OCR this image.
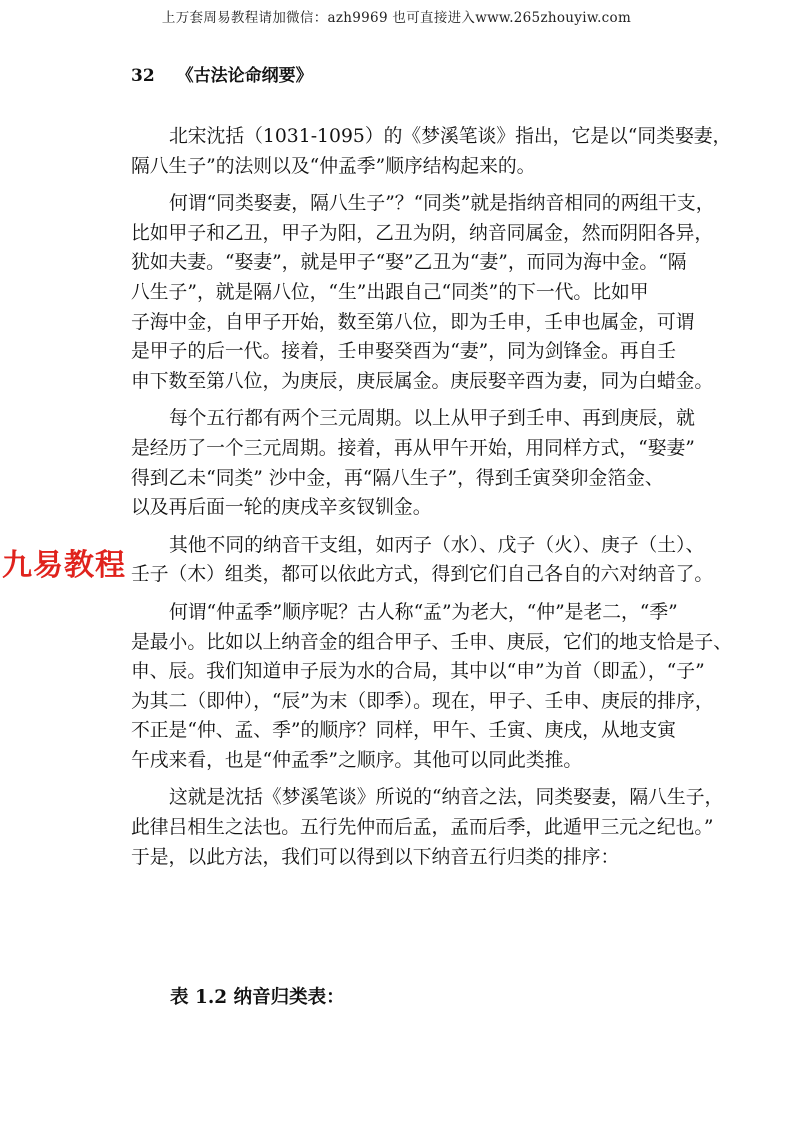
上万套周易教程请加微信：azh9969 也可直接进入www.265zhouyiw.com
32 《古法论命纲要》

北宋沈括（1031-1095）的《梦溪笔谈》指出，它是以“同类娶妻，
隔八生子”的法则以及“仲孟季”顺序结构起来的。

何谓“同类娶妻，隔八生子”？“同类”就是指纳音相同的两组干支，
比如甲子和乙丑，甲子为阳，乙丑为阴，纳音同属金，然而阴阳各异，
犹如夫妻。“娶妻”，就是甲子“娶”乙丑为“妻”，而同为海中金。“隔
八生子”，就是隔八位，“生”出跟自己“同类”的下一代。比如甲
子海中金，自甲子开始，数至第八位，即为壬申，壬申也属金，可谓
是甲子的后一代。接着，壬申娶癸酉为“妻”，同为剑锋金。再自壬
申下数至第八位，为庚辰，庚辰属金。庚辰娶辛酉为妻，同为白蜡金。

每个五行都有两个三元周期。以上从甲子到壬申、再到庚辰，就
是经历了一个三元周期。接着，再从甲午开始，用同样方式，“娶妻”
得到乙未“同类” 沙中金，再“隔八生子”，得到壬寅癸卯金箔金、
以及再后面一轮的庚戌辛亥钗钏金。

其他不同的纳音干支组，如丙子（水）、戊子（火）、庚子（土）、
壬子（木）组类，都可以依此方式，得到它们自己各自的六对纳音了。

何谓“仲孟季”顺序呢？古人称“孟”为老大，“仲”是老二，“季”
是最小。比如以上纳音金的组合甲子、壬申、庚辰，它们的地支恰是子、
申、辰。我们知道申子辰为水的合局，其中以“申”为首（即孟），“子”
为其二（即仲），“辰”为末（即季）。现在，甲子、壬申、庚辰的排序，
不正是“仲、孟、季”的顺序？同样，甲午、壬寅、庚戌，从地支寅
午戌来看，也是“仲孟季”之顺序。其他可以同此类推。

这就是沈括《梦溪笔谈》所说的“纳音之法，同类娶妻，隔八生子，
此律吕相生之法也。五行先仲而后孟，孟而后季，此遁甲三元之纪也。”
于是，以此方法，我们可以得到以下纳音五行归类的排序：

表 1.2 纳音归类表：
九易教程
